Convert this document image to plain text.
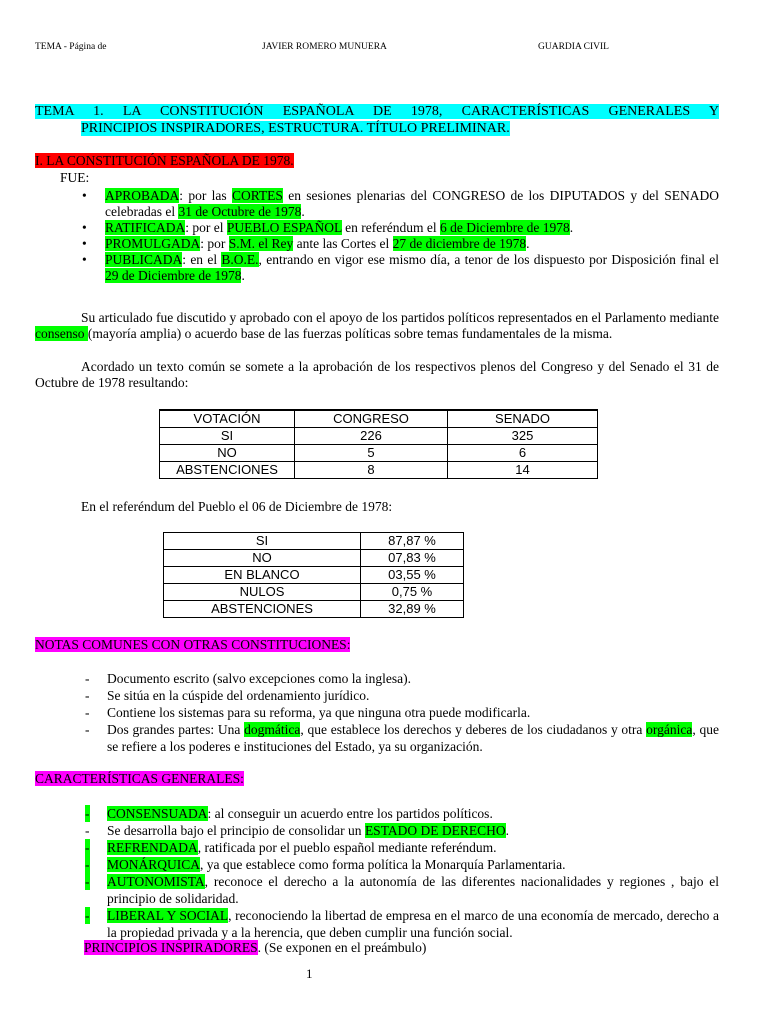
TEMA - Página de	JAVIER ROMERO MUNUERA	GUARDIA CIVIL
TEMA 1. LA CONSTITUCIÓN ESPAÑOLA DE 1978, CARACTERÍSTICAS GENERALES Y
PRINCIPIOS INSPIRADORES, ESTRUCTURA. TÍTULO PRELIMINAR.
I. LA CONSTITUCIÓN ESPAÑOLA DE 1978.
FUE:
• APROBADA: por las CORTES en sesiones plenarias del CONGRESO de los DIPUTADOS y del SENADO celebradas el 31 de Octubre de 1978.
• RATIFICADA: por el PUEBLO ESPAÑOL en referéndum el 6 de Diciembre de 1978.
• PROMULGADA: por S.M. el Rey ante las Cortes el 27 de diciembre de 1978.
• PUBLICADA: en el B.O.E., entrando en vigor ese mismo día, a tenor de los dispuesto por Disposición final el 29 de Diciembre de 1978.
Su articulado fue discutido y aprobado con el apoyo de los partidos políticos representados en el Parlamento mediante consenso (mayoría amplia) o acuerdo base de las fuerzas políticas sobre temas fundamentales de la misma.
Acordado un texto común se somete a la aprobación de los respectivos plenos del Congreso y del Senado el 31 de Octubre de 1978 resultando:
VOTACIÓN	CONGRESO	SENADO
SI	226	325
NO	5	6
ABSTENCIONES	8	14
En el referéndum del Pueblo el 06 de Diciembre de 1978:
SI	87,87 %
NO	07,83 %
EN BLANCO	03,55 %
NULOS	0,75 %
ABSTENCIONES	32,89 %
NOTAS COMUNES CON OTRAS CONSTITUCIONES:
- Documento escrito (salvo excepciones como la inglesa).
- Se sitúa en la cúspide del ordenamiento jurídico.
- Contiene los sistemas para su reforma, ya que ninguna otra puede modificarla.
- Dos grandes partes: Una dogmática, que establece los derechos y deberes de los ciudadanos y otra orgánica, que se refiere a los poderes e instituciones del Estado, ya su organización.
CARACTERÍSTICAS GENERALES:
- CONSENSUADA: al conseguir un acuerdo entre los partidos políticos.
- Se desarrolla bajo el principio de consolidar un ESTADO DE DERECHO.
- REFRENDADA, ratificada por el pueblo español mediante referéndum.
- MONÁRQUICA, ya que establece como forma política la Monarquía Parlamentaria.
- AUTONOMISTA, reconoce el derecho a la autonomía de las diferentes nacionalidades y regiones , bajo el principio de solidaridad.
- LIBERAL Y SOCIAL, reconociendo la libertad de empresa en el marco de una economía de mercado, derecho a la propiedad privada y a la herencia, que deben cumplir una función social.
PRINCIPIOS INSPIRADORES. (Se exponen en el preámbulo)
1
